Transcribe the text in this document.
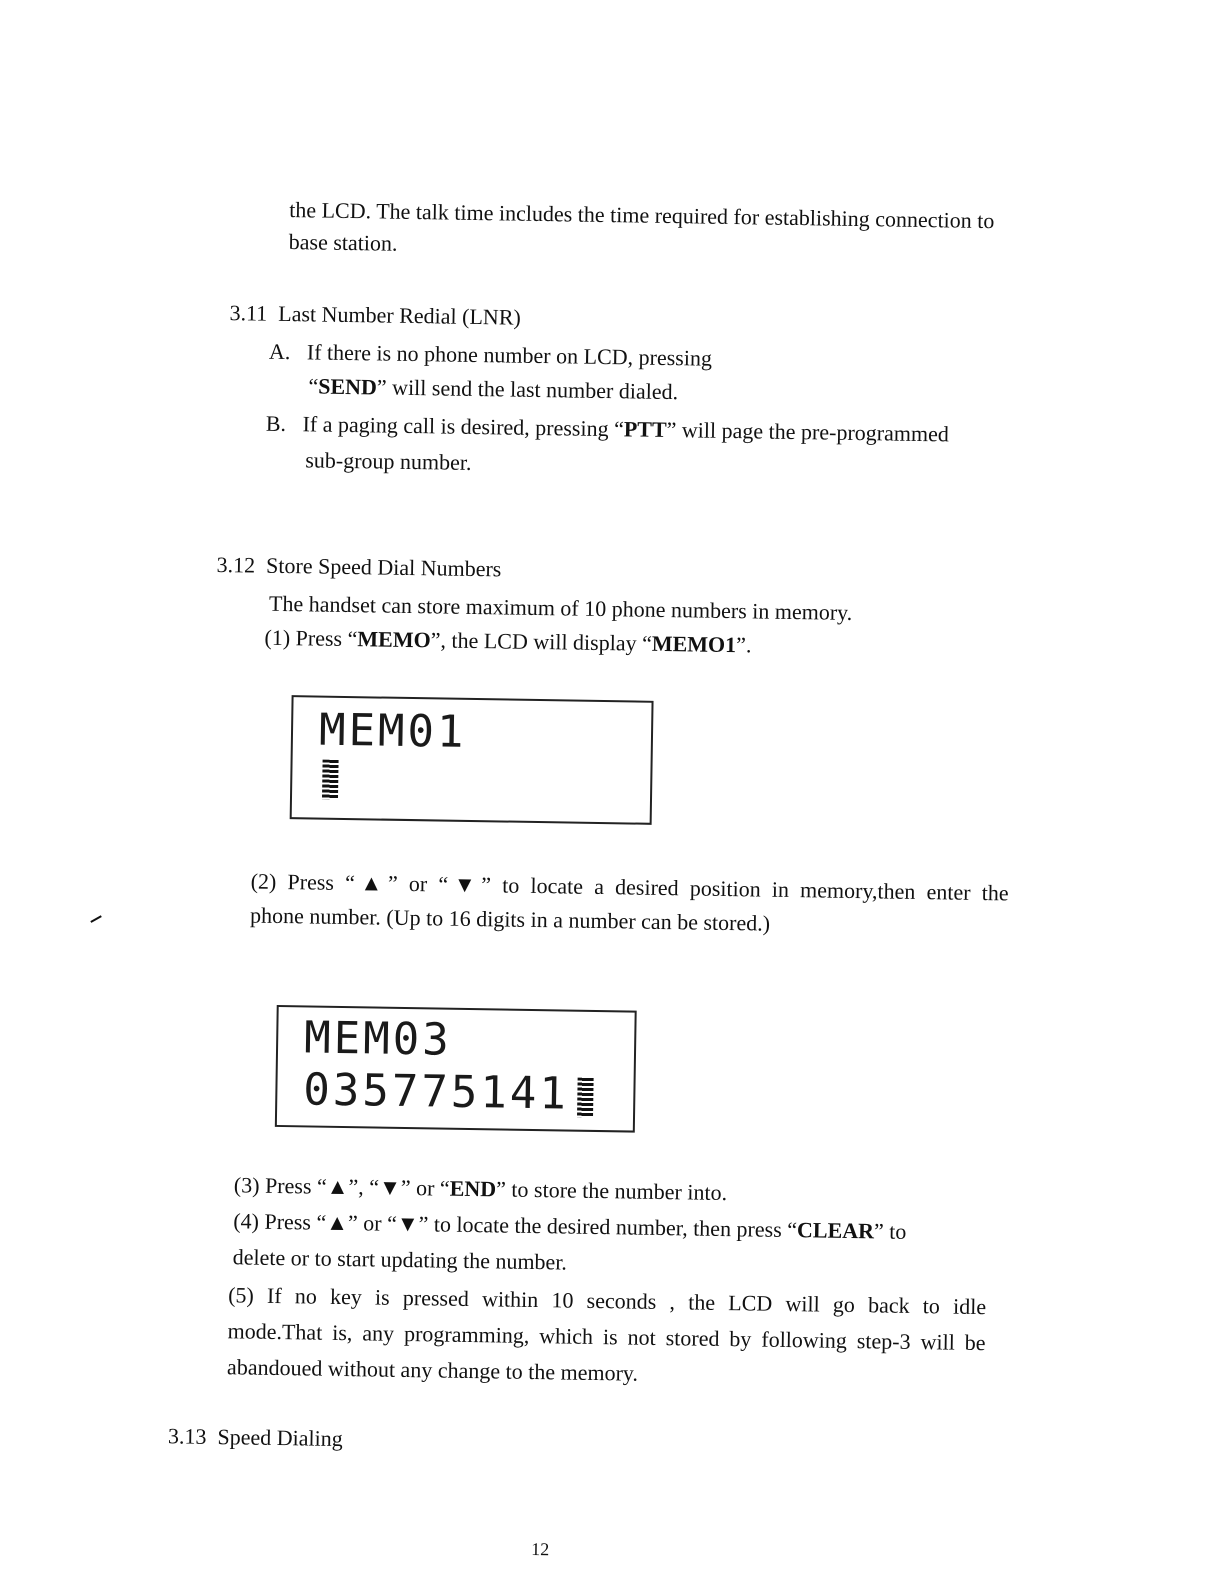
the LCD. The talk time includes the time required for establishing connection to
base station.
3.11 Last Number Redial (LNR)
A. If there is no phone number on LCD, pressing
“SEND” will send the last number dialed.
B. If a paging call is desired, pressing “PTT” will page the pre-programmed
sub-group number.
3.12 Store Speed Dial Numbers
The handset can store maximum of 10 phone numbers in memory.
(1) Press “MEMO”, the LCD will display “MEMO1”.
MEM01
(2) Press “▲” or “▼” to locate a desired position in memory,then enter the
phone number. (Up to 16 digits in a number can be stored.)
MEM03
035775141
(3) Press “▲”, “▼” or “END” to store the number into.
(4) Press “▲” or “▼” to locate the desired number, then press “CLEAR” to
delete or to start updating the number.
(5) If no key is pressed within 10 seconds , the LCD will go back to idle
mode.That is, any programming, which is not stored by following step-3 will be
abandoued without any change to the memory.
3.13 Speed Dialing
12
